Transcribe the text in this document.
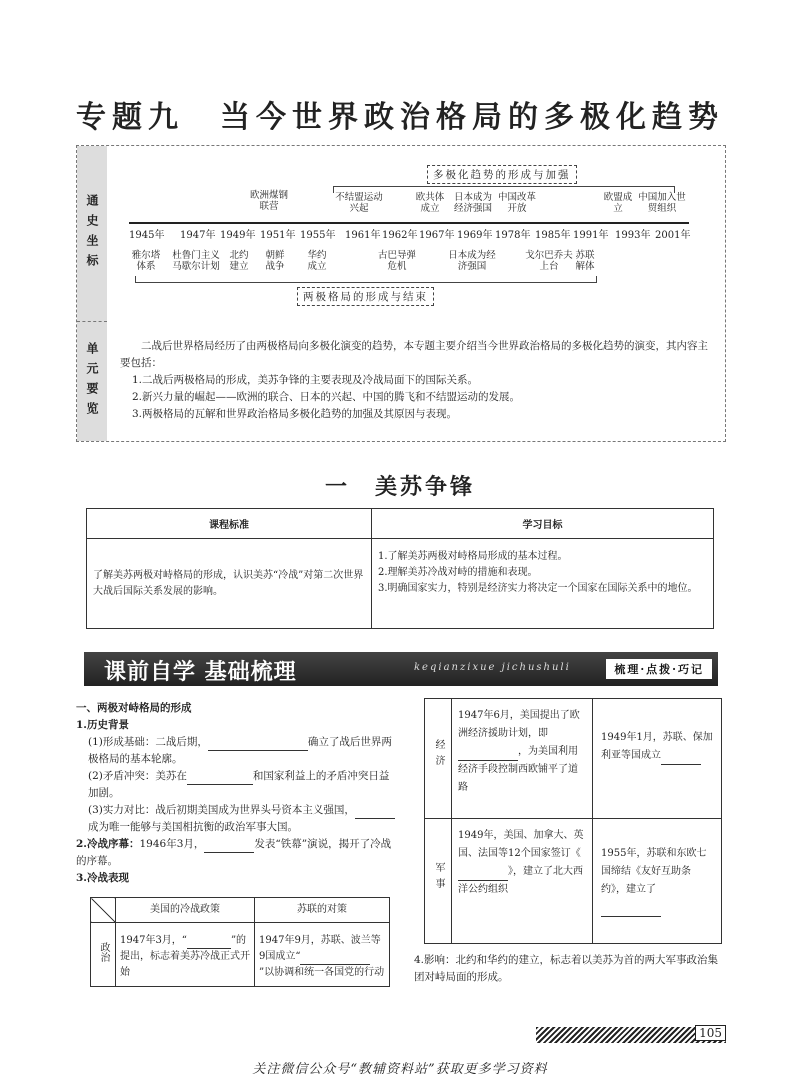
专题九　当今世界政治格局的多极化趋势
通史坐标
单元要览
多极化趋势的形成与加强
欧洲煤钢联营
不结盟运动兴起
欧共体成立
日本成为经济强国
中国改革开放
欧盟成立
中国加入世贸组织
1945年 1947年 1949年 1951年 1955年 1961年 1962年 1967年 1969年 1978年 1985年 1991年 1993年 2001年
雅尔塔体系
杜鲁门主义马歇尔计划
北约建立
朝鲜战争
华约成立
古巴导弹危机
日本成为经济强国
戈尔巴乔夫上台
苏联解体
两极格局的形成与结束

二战后世界格局经历了由两极格局向多极化演变的趋势，本专题主要介绍当今世界政治格局的多极化趋势的演变，其内容主要包括：

1.二战后两极格局的形成，美苏争锋的主要表现及冷战局面下的国际关系。

2.新兴力量的崛起——欧洲的联合、日本的兴起、中国的腾飞和不结盟运动的发展。

3.两极格局的瓦解和世界政治格局多极化趋势的加强及其原因与表现。

一　美苏争锋
课程标准	学习目标
了解美苏两极对峙格局的形成，认识美苏“冷战”对第二次世界大战后国际关系发展的影响。	1.了解美苏两极对峙格局形成的基本过程。
2.理解美苏冷战对峙的措施和表现。
3.明确国家实力，特别是经济实力将决定一个国家在国际关系中的地位。
课前自学 基础梳理	keqianzixue jichushuli	梳理·点拨·巧记

一、两极对峙格局的形成

1.历史背景

(1)形成基础：二战后期，	确立了战后世界两极格局的基本轮廓。

(2)矛盾冲突：美苏在	和国家利益上的矛盾冲突日益加剧。

(3)实力对比：战后初期美国成为世界头号资本主义强国，成为唯一能够与美国相抗衡的政治军事大国。

2.冷战序幕：1946年3月，	发表“铁幕”演说，揭开了冷战的序幕。

3.冷战表现

	美国的冷战政策	苏联的对策
政治	1947年3月，“ ”的提出，标志着美苏冷战正式开始	1947年9月，苏联、波兰等9国成立“”以协调和统一各国党的行动
经济	1947年6月，美国提出了欧洲经济援助计划，即，为美国利用经济手段控制西欧铺平了道路	1949年1月，苏联、保加利亚等国成立
军事	1949年，美国、加拿大、英国、法国等12个国家签订《》，建立了北大西洋公约组织	1955年，苏联和东欧七国缔结《友好互助条约》，建立了
4.影响：北约和华约的建立，标志着以美苏为首的两大军事政治集团对峙局面的形成。
105
关注微信公众号“教辅资料站”获取更多学习资料
